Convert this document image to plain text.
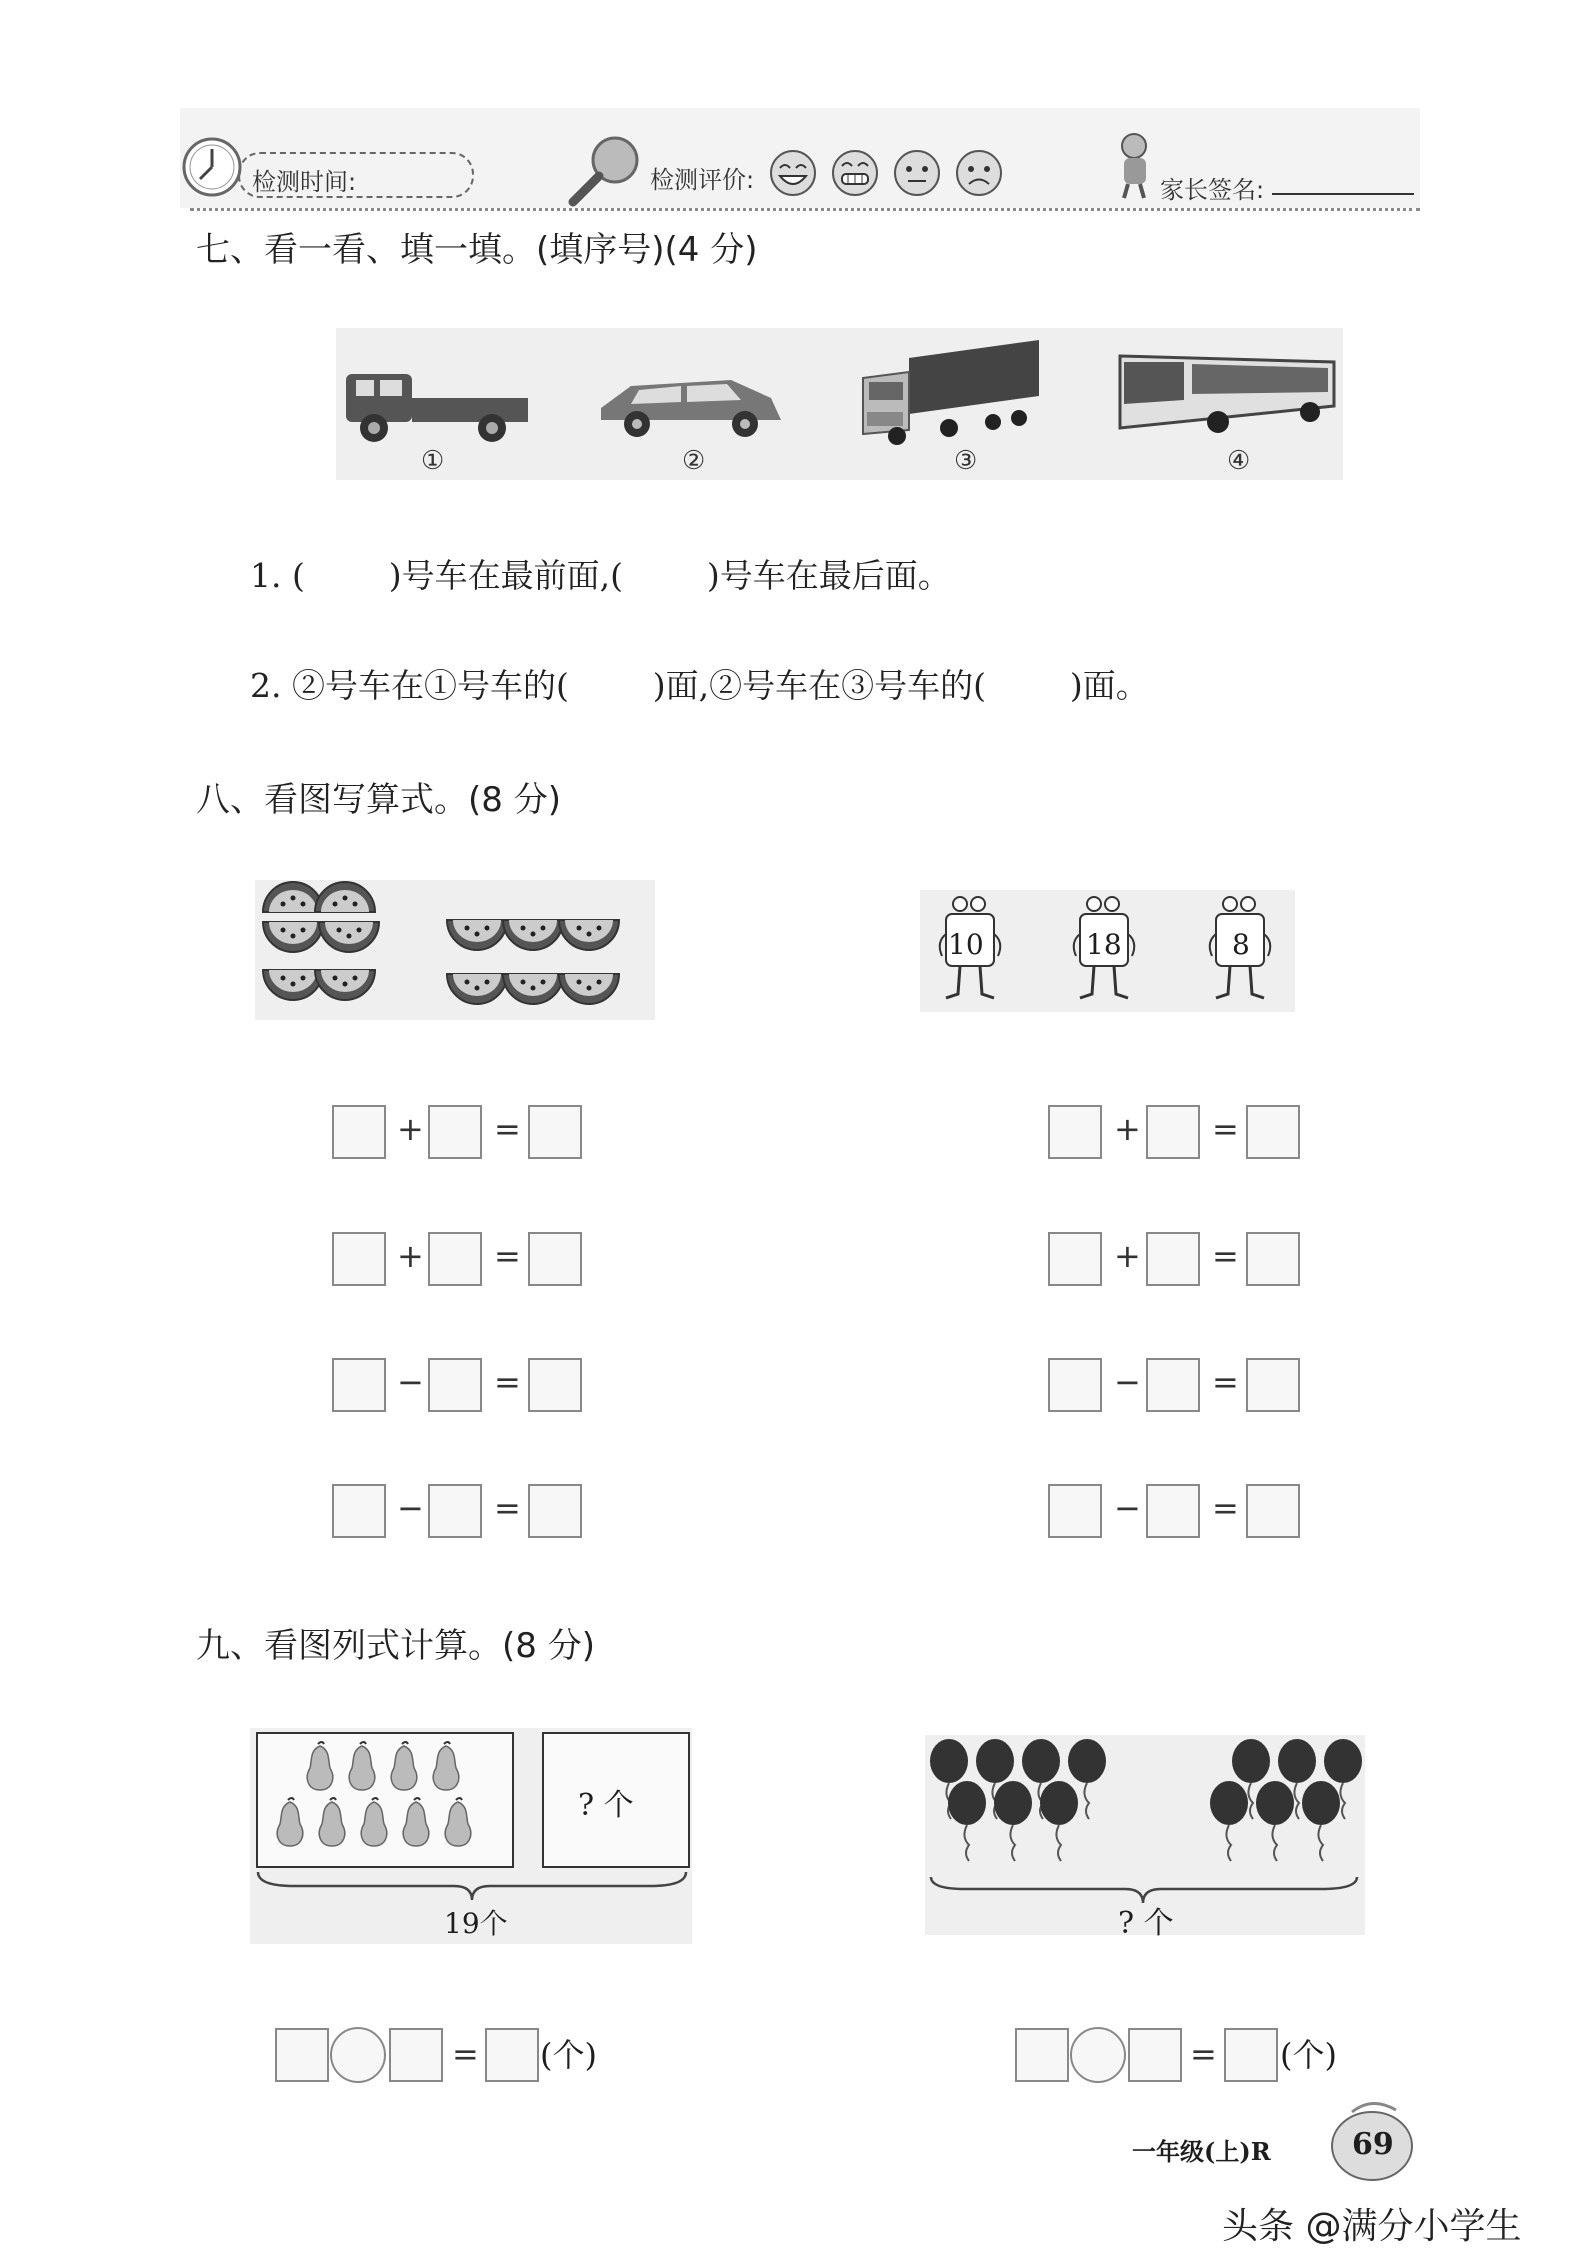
检测时间:	检测评价:	家长签名:
七、看一看、填一填。(填序号)(4 分)
①	②	③	④
1. (        )号车在最前面,(        )号车在最后面。
2. ②号车在①号车的(        )面,②号车在③号车的(        )面。
八、看图写算式。(8 分)
10	18	8
+ =
+ =
− =
− =
+ =
+ =
− =
− =
九、看图列式计算。(8 分)
? 个
19个	? 个
= (个)	= (个)
一年级(上)R	69
头条 @满分小学生
